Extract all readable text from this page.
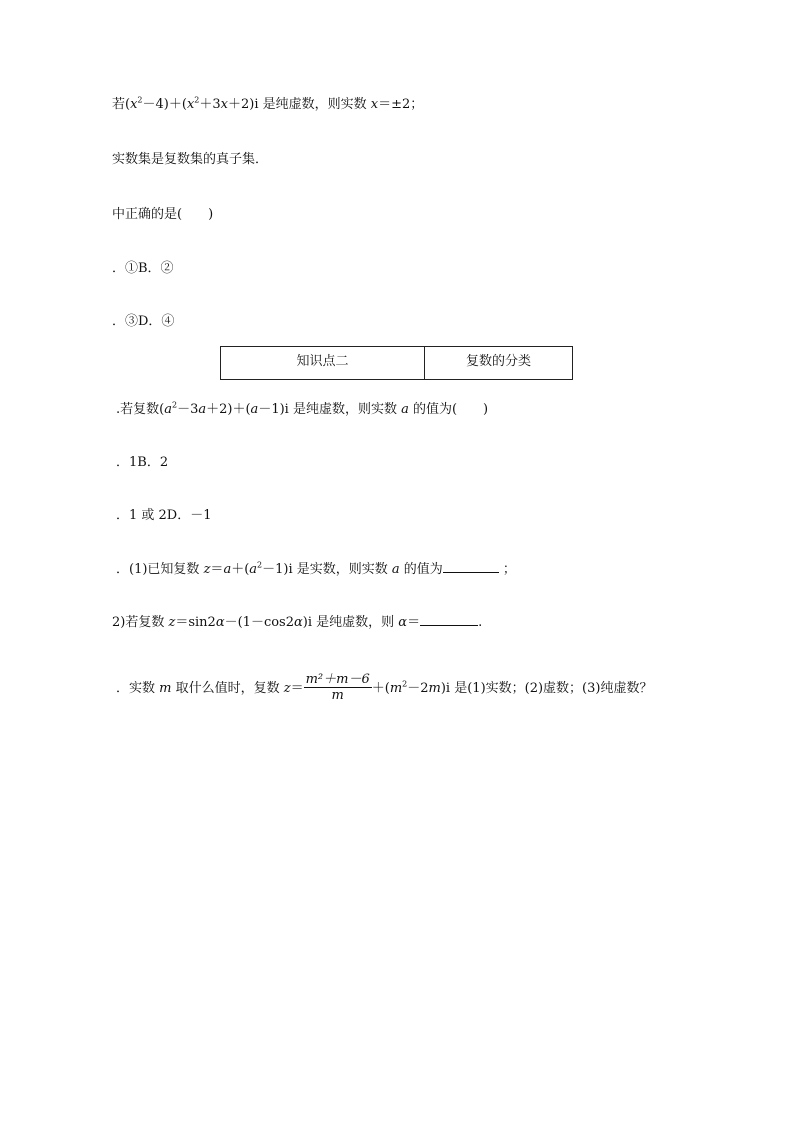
若$(x^2-4)+(x^2+3x+2)i$ 是纯虚数，则实数 x＝±2；
实数集是复数集的真子集．
中正确的是(　　)
．①B．②
．③D．④
知识点二	复数的分类
.若复数$(a^2-3a+2)+(a-1)i$ 是纯虚数，则实数 a 的值为(　　)
．1B．2
．1 或 2D．－1
．(1)已知复数 $z=a+(a^2-1)i$ 是实数，则实数 a 的值为	；
2)若复数 z＝sin2α－(1－cos2α)i 是纯虚数，则 α＝	.
．实数 m 取什么值时，复数 $z= \frac{\text{m²＋m－6}}{m} +(m^2-2m)i$ 是(1)实数；(2)虚数；(3)纯虚数？
